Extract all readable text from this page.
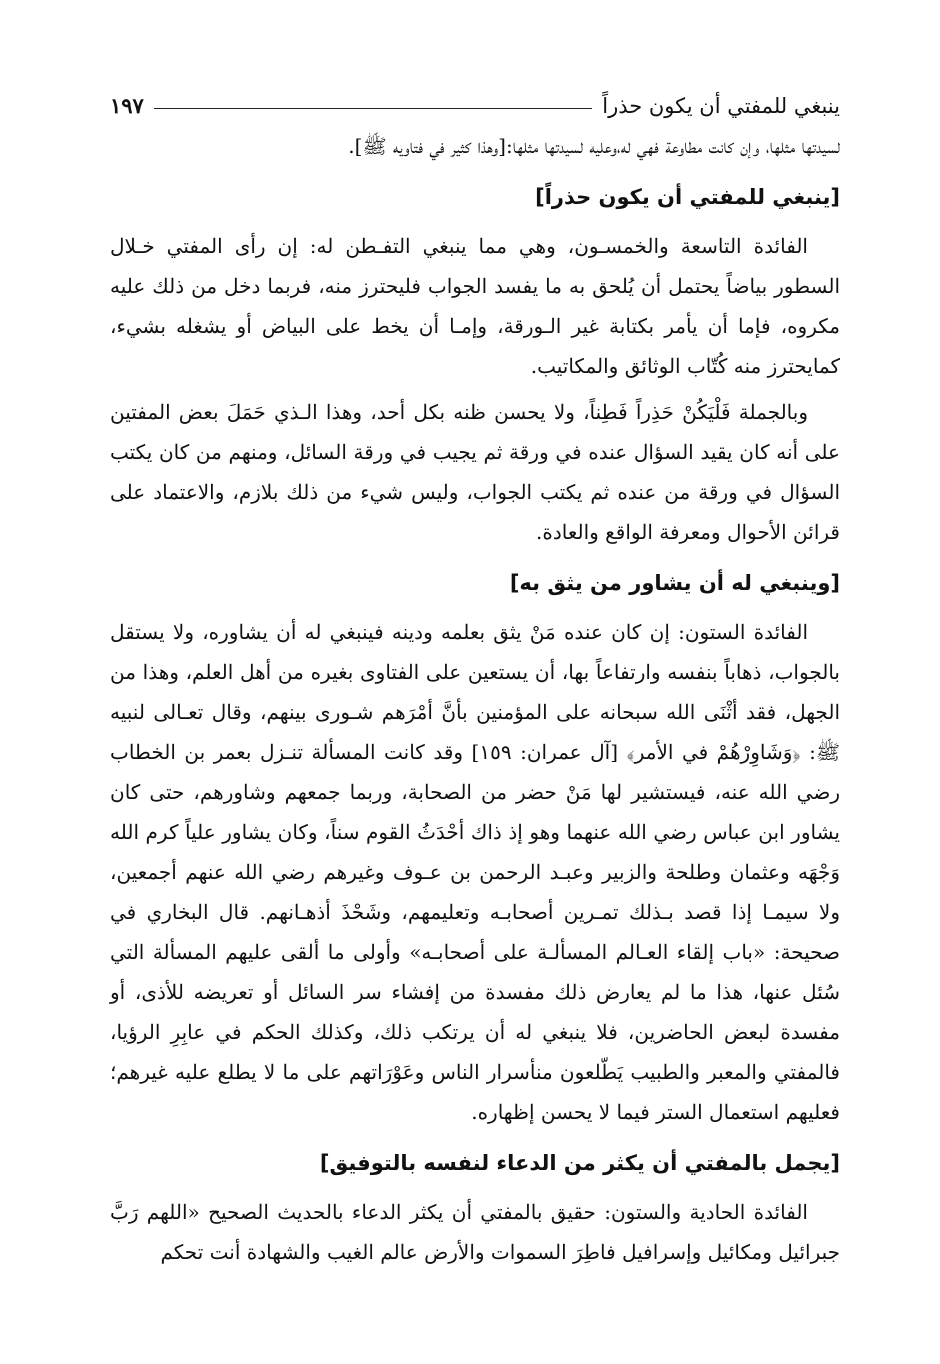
ينبغي للمفتي أن يكون حذراً
١٩٧

لسيدتها مثلها، وإن كانت مطاوعة فهي له،وعليه لسيدتها مثلها:[وهذا كثير في فتاويه ﷺ].

[ينبغي للمفتي أن يكون حذراً]

الفائدة التاسعة والخمسـون، وهي مما ينبغي التفـطن له: إن رأى المفتي خـلال السطور بياضاً يحتمل أن يُلحق به ما يفسد الجواب فليحترز منه، فربما دخل من ذلك عليه مكروه، فإما أن يأمر بكتابة غير الـورقة، وإمـا أن يخط على البياض أو يشغله بشيء، كمايحترز منه كُتّاب الوثائق والمكاتيب.

وبالجملة فَلْيَكُنْ حَذِراً فَطِناً، ولا يحسن ظنه بكل أحد، وهذا الـذي حَمَلَ بعض المفتين على أنه كان يقيد السؤال عنده في ورقة ثم يجيب في ورقة السائل، ومنهم من كان يكتب السؤال في ورقة من عنده ثم يكتب الجواب، وليس شيء من ذلك بلازم، والاعتماد على قرائن الأحوال ومعرفة الواقع والعادة.

[وينبغي له أن يشاور من يثق به]

الفائدة الستون: إن كان عنده مَنْ يثق بعلمه ودينه فينبغي له أن يشاوره، ولا يستقل بالجواب، ذهاباً بنفسه وارتفاعاً بها، أن يستعين على الفتاوى بغيره من أهل العلم، وهذا من الجهل، فقد أثْنَى الله سبحانه على المؤمنين بأنَّ أمْرَهم شـورى بينهم، وقال تعـالى لنبيه ﷺ: ﴿وَشَاوِرْهُمْ في الأمر﴾ [آل عمران: ١٥٩] وقد كانت المسألة تنـزل بعمر بن الخطاب رضي الله عنه، فيستشير لها مَنْ حضر من الصحابة، وربما جمعهم وشاورهم، حتى كان يشاور ابن عباس رضي الله عنهما وهو إذ ذاك أحْدَثُ القوم سناً، وكان يشاور علياً كرم الله وَجْهَه وعثمان وطلحة والزبير وعبـد الرحمن بن عـوف وغيرهم رضي الله عنهم أجمعين، ولا سيمـا إذا قصد بـذلك تمـرين أصحابـه وتعليمهم، وشَحْذَ أذهـانهم. قال البخاري في صحيحة: «باب إلقاء العـالم المسألـة على أصحابـه» وأولى ما ألقى عليهم المسألة التي سُئل عنها، هذا ما لم يعارض ذلك مفسدة من إفشاء سر السائل أو تعريضه للأذى، أو مفسدة لبعض الحاضرين، فلا ينبغي له أن يرتكب ذلك، وكذلك الحكم في عابِرِ الرؤيا، فالمفتي والمعبر والطبيب يَطّلعون منأسرار الناس وعَوْرَاتهم على ما لا يطلع عليه غيرهم؛ فعليهم استعمال الستر فيما لا يحسن إظهاره.

[يجمل بالمفتي أن يكثر من الدعاء لنفسه بالتوفيق]

الفائدة الحادية والستون: حقيق بالمفتي أن يكثر الدعاء بالحديث الصحيح «اللهم رَبَّ جبرائيل ومكائيل وإسرافيل فاطِرَ السموات والأرض عالم الغيب والشهادة أنت تحكم
